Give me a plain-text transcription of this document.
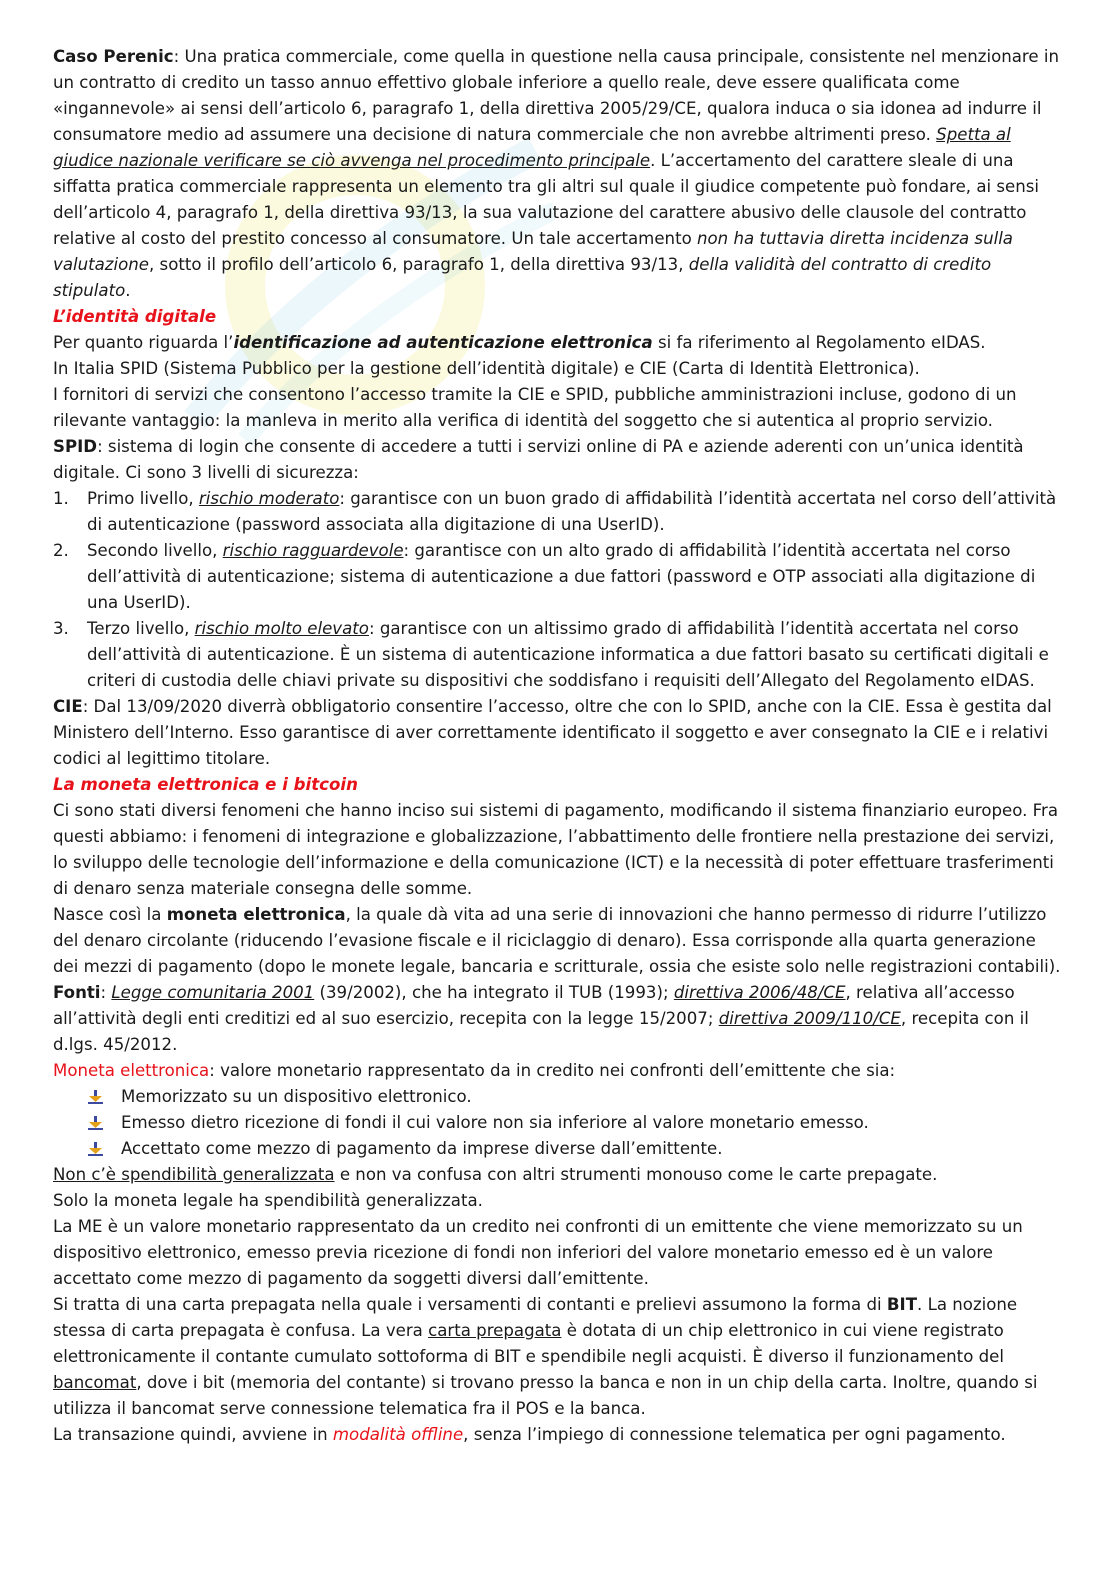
Caso Perenic: Una pratica commerciale, come quella in questione nella causa principale, consistente nel menzionare in un contratto di credito un tasso annuo effettivo globale inferiore a quello reale, deve essere qualificata come «ingannevole» ai sensi dell’articolo 6, paragrafo 1, della direttiva 2005/29/CE, qualora induca o sia idonea ad indurre il consumatore medio ad assumere una decisione di natura commerciale che non avrebbe altrimenti preso. Spetta al giudice nazionale verificare se ciò avvenga nel procedimento principale. L’accertamento del carattere sleale di una siffatta pratica commerciale rappresenta un elemento tra gli altri sul quale il giudice competente può fondare, ai sensi dell’articolo 4, paragrafo 1, della direttiva 93/13, la sua valutazione del carattere abusivo delle clausole del contratto relative al costo del prestito concesso al consumatore. Un tale accertamento non ha tuttavia diretta incidenza sulla valutazione, sotto il profilo dell’articolo 6, paragrafo 1, della direttiva 93/13, della validità del contratto di credito stipulato.

L’identità digitale

Per quanto riguarda l’identificazione ad autenticazione elettronica si fa riferimento al Regolamento eIDAS.

In Italia SPID (Sistema Pubblico per la gestione dell’identità digitale) e CIE (Carta di Identità Elettronica).

I fornitori di servizi che consentono l’accesso tramite la CIE e SPID, pubbliche amministrazioni incluse, godono di un rilevante vantaggio: la manleva in merito alla verifica di identità del soggetto che si autentica al proprio servizio.

SPID: sistema di login che consente di accedere a tutti i servizi online di PA e aziende aderenti con un’unica identità digitale. Ci sono 3 livelli di sicurezza:

1. Primo livello, rischio moderato: garantisce con un buon grado di affidabilità l’identità accertata nel corso dell’attività di autenticazione (password associata alla digitazione di una UserID).
2. Secondo livello, rischio ragguardevole: garantisce con un alto grado di affidabilità l’identità accertata nel corso dell’attività di autenticazione; sistema di autenticazione a due fattori (password e OTP associati alla digitazione di una UserID).
3. Terzo livello, rischio molto elevato: garantisce con un altissimo grado di affidabilità l’identità accertata nel corso dell’attività di autenticazione. È un sistema di autenticazione informatica a due fattori basato su certificati digitali e criteri di custodia delle chiavi private su dispositivi che soddisfano i requisiti dell’Allegato del Regolamento eIDAS.

CIE: Dal 13/09/2020 diverrà obbligatorio consentire l’accesso, oltre che con lo SPID, anche con la CIE. Essa è gestita dal Ministero dell’Interno. Esso garantisce di aver correttamente identificato il soggetto e aver consegnato la CIE e i relativi codici al legittimo titolare.

La moneta elettronica e i bitcoin

Ci sono stati diversi fenomeni che hanno inciso sui sistemi di pagamento, modificando il sistema finanziario europeo. Fra questi abbiamo: i fenomeni di integrazione e globalizzazione, l’abbattimento delle frontiere nella prestazione dei servizi, lo sviluppo delle tecnologie dell’informazione e della comunicazione (ICT) e la necessità di poter effettuare trasferimenti di denaro senza materiale consegna delle somme.

Nasce così la moneta elettronica, la quale dà vita ad una serie di innovazioni che hanno permesso di ridurre l’utilizzo del denaro circolante (riducendo l’evasione fiscale e il riciclaggio di denaro). Essa corrisponde alla quarta generazione dei mezzi di pagamento (dopo le monete legale, bancaria e scritturale, ossia che esiste solo nelle registrazioni contabili).

Fonti: Legge comunitaria 2001 (39/2002), che ha integrato il TUB (1993); direttiva 2006/48/CE, relativa all’accesso all’attività degli enti creditizi ed al suo esercizio, recepita con la legge 15/2007; direttiva 2009/110/CE, recepita con il d.lgs. 45/2012.

Moneta elettronica: valore monetario rappresentato da in credito nei confronti dell’emittente che sia:

Memorizzato su un dispositivo elettronico.
Emesso dietro ricezione di fondi il cui valore non sia inferiore al valore monetario emesso.
Accettato come mezzo di pagamento da imprese diverse dall’emittente.

Non c’è spendibilità generalizzata e non va confusa con altri strumenti monouso come le carte prepagate.

Solo la moneta legale ha spendibilità generalizzata.

La ME è un valore monetario rappresentato da un credito nei confronti di un emittente che viene memorizzato su un dispositivo elettronico, emesso previa ricezione di fondi non inferiori del valore monetario emesso ed è un valore accettato come mezzo di pagamento da soggetti diversi dall’emittente.

Si tratta di una carta prepagata nella quale i versamenti di contanti e prelievi assumono la forma di BIT. La nozione stessa di carta prepagata è confusa. La vera carta prepagata è dotata di un chip elettronico in cui viene registrato elettronicamente il contante cumulato sottoforma di BIT e spendibile negli acquisti. È diverso il funzionamento del bancomat, dove i bit (memoria del contante) si trovano presso la banca e non in un chip della carta. Inoltre, quando si utilizza il bancomat serve connessione telematica fra il POS e la banca.

La transazione quindi, avviene in modalità offline, senza l’impiego di connessione telematica per ogni pagamento.
